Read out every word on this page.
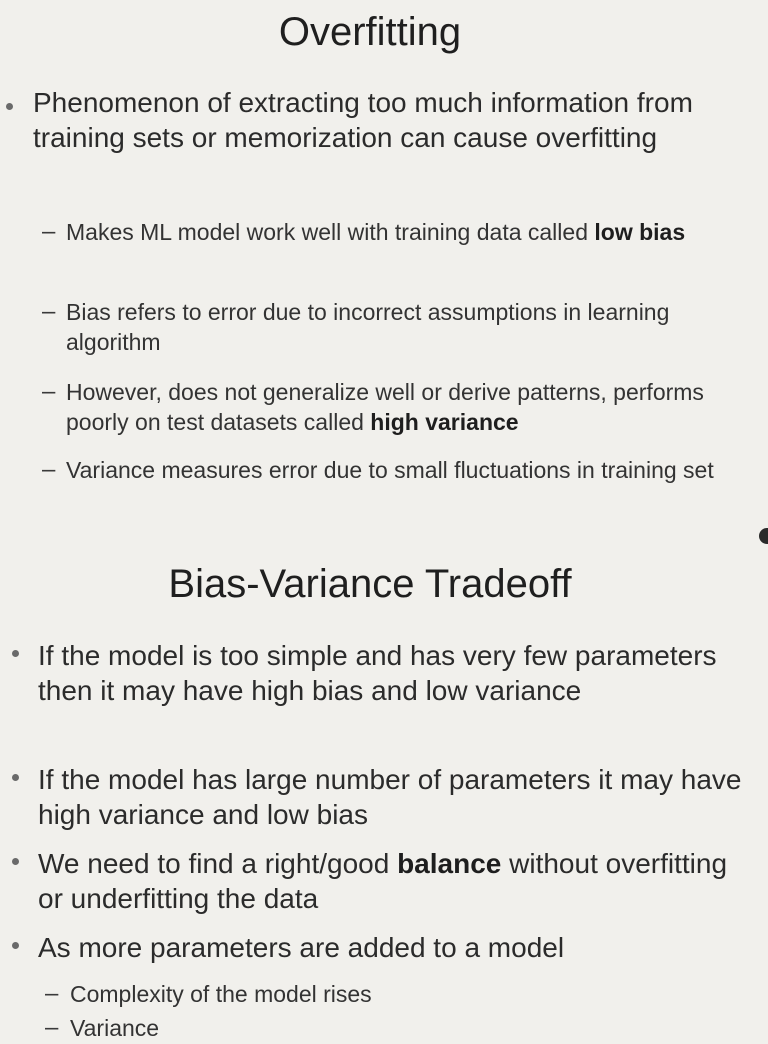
Overfitting
Phenomenon of extracting too much information from training sets or memorization can cause overfitting
– Makes ML model work well with training data called low bias
– Bias refers to error due to incorrect assumptions in learning algorithm
– However, does not generalize well or derive patterns, performs poorly on test datasets called high variance
– Variance measures error due to small fluctuations in training set
Bias-Variance Tradeoff
If the model is too simple and has very few parameters then it may have high bias and low variance
If the model has large number of parameters it may have high variance and low bias
We need to find a right/good balance without overfitting or underfitting the data
As more parameters are added to a model
– Complexity of the model rises
– Variance
